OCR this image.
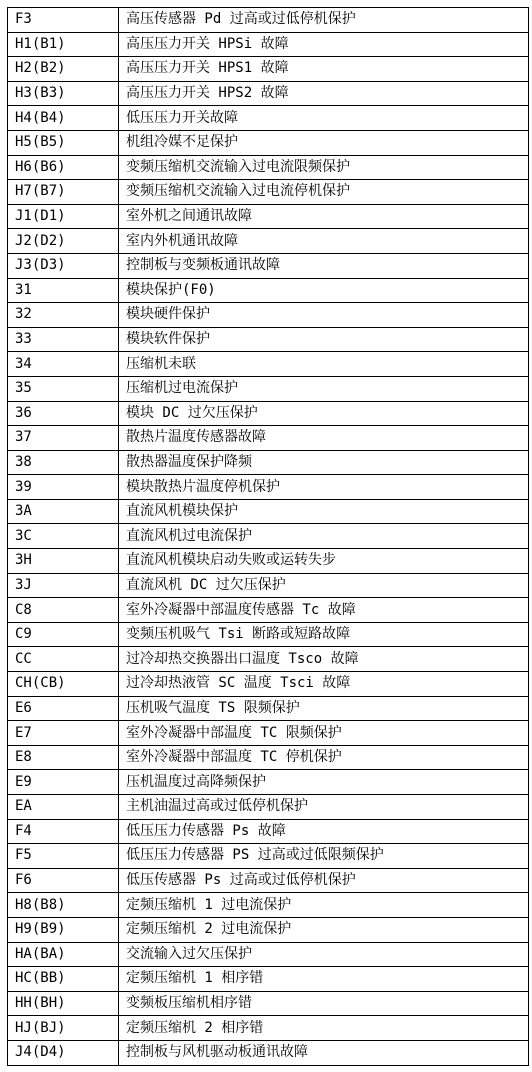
F3	高压传感器 Pd 过高或过低停机保护
H1(B1)	高压压力开关 HPSi 故障
H2(B2)	高压压力开关 HPS1 故障
H3(B3)	高压压力开关 HPS2 故障
H4(B4)	低压压力开关故障
H5(B5)	机组冷媒不足保护
H6(B6)	变频压缩机交流输入过电流限频保护
H7(B7)	变频压缩机交流输入过电流停机保护
J1(D1)	室外机之间通讯故障
J2(D2)	室内外机通讯故障
J3(D3)	控制板与变频板通讯故障
31	模块保护(F0)
32	模块硬件保护
33	模块软件保护
34	压缩机未联
35	压缩机过电流保护
36	模块 DC 过欠压保护
37	散热片温度传感器故障
38	散热器温度保护降频
39	模块散热片温度停机保护
3A	直流风机模块保护
3C	直流风机过电流保护
3H	直流风机模块启动失败或运转失步
3J	直流风机 DC 过欠压保护
C8	室外冷凝器中部温度传感器 Tc 故障
C9	变频压机吸气 Tsi 断路或短路故障
CC	过冷却热交换器出口温度 Tsco 故障
CH(CB)	过冷却热液管 SC 温度 Tsci 故障
E6	压机吸气温度 TS 限频保护
E7	室外冷凝器中部温度 TC 限频保护
E8	室外冷凝器中部温度 TC 停机保护
E9	压机温度过高降频保护
EA	主机油温过高或过低停机保护
F4	低压压力传感器 Ps 故障
F5	低压压力传感器 PS 过高或过低限频保护
F6	低压传感器 Ps 过高或过低停机保护
H8(B8)	定频压缩机 1 过电流保护
H9(B9)	定频压缩机 2 过电流保护
HA(BA)	交流输入过欠压保护
HC(BB)	定频压缩机 1 相序错
HH(BH)	变频板压缩机相序错
HJ(BJ)	定频压缩机 2 相序错
J4(D4)	控制板与风机驱动板通讯故障
